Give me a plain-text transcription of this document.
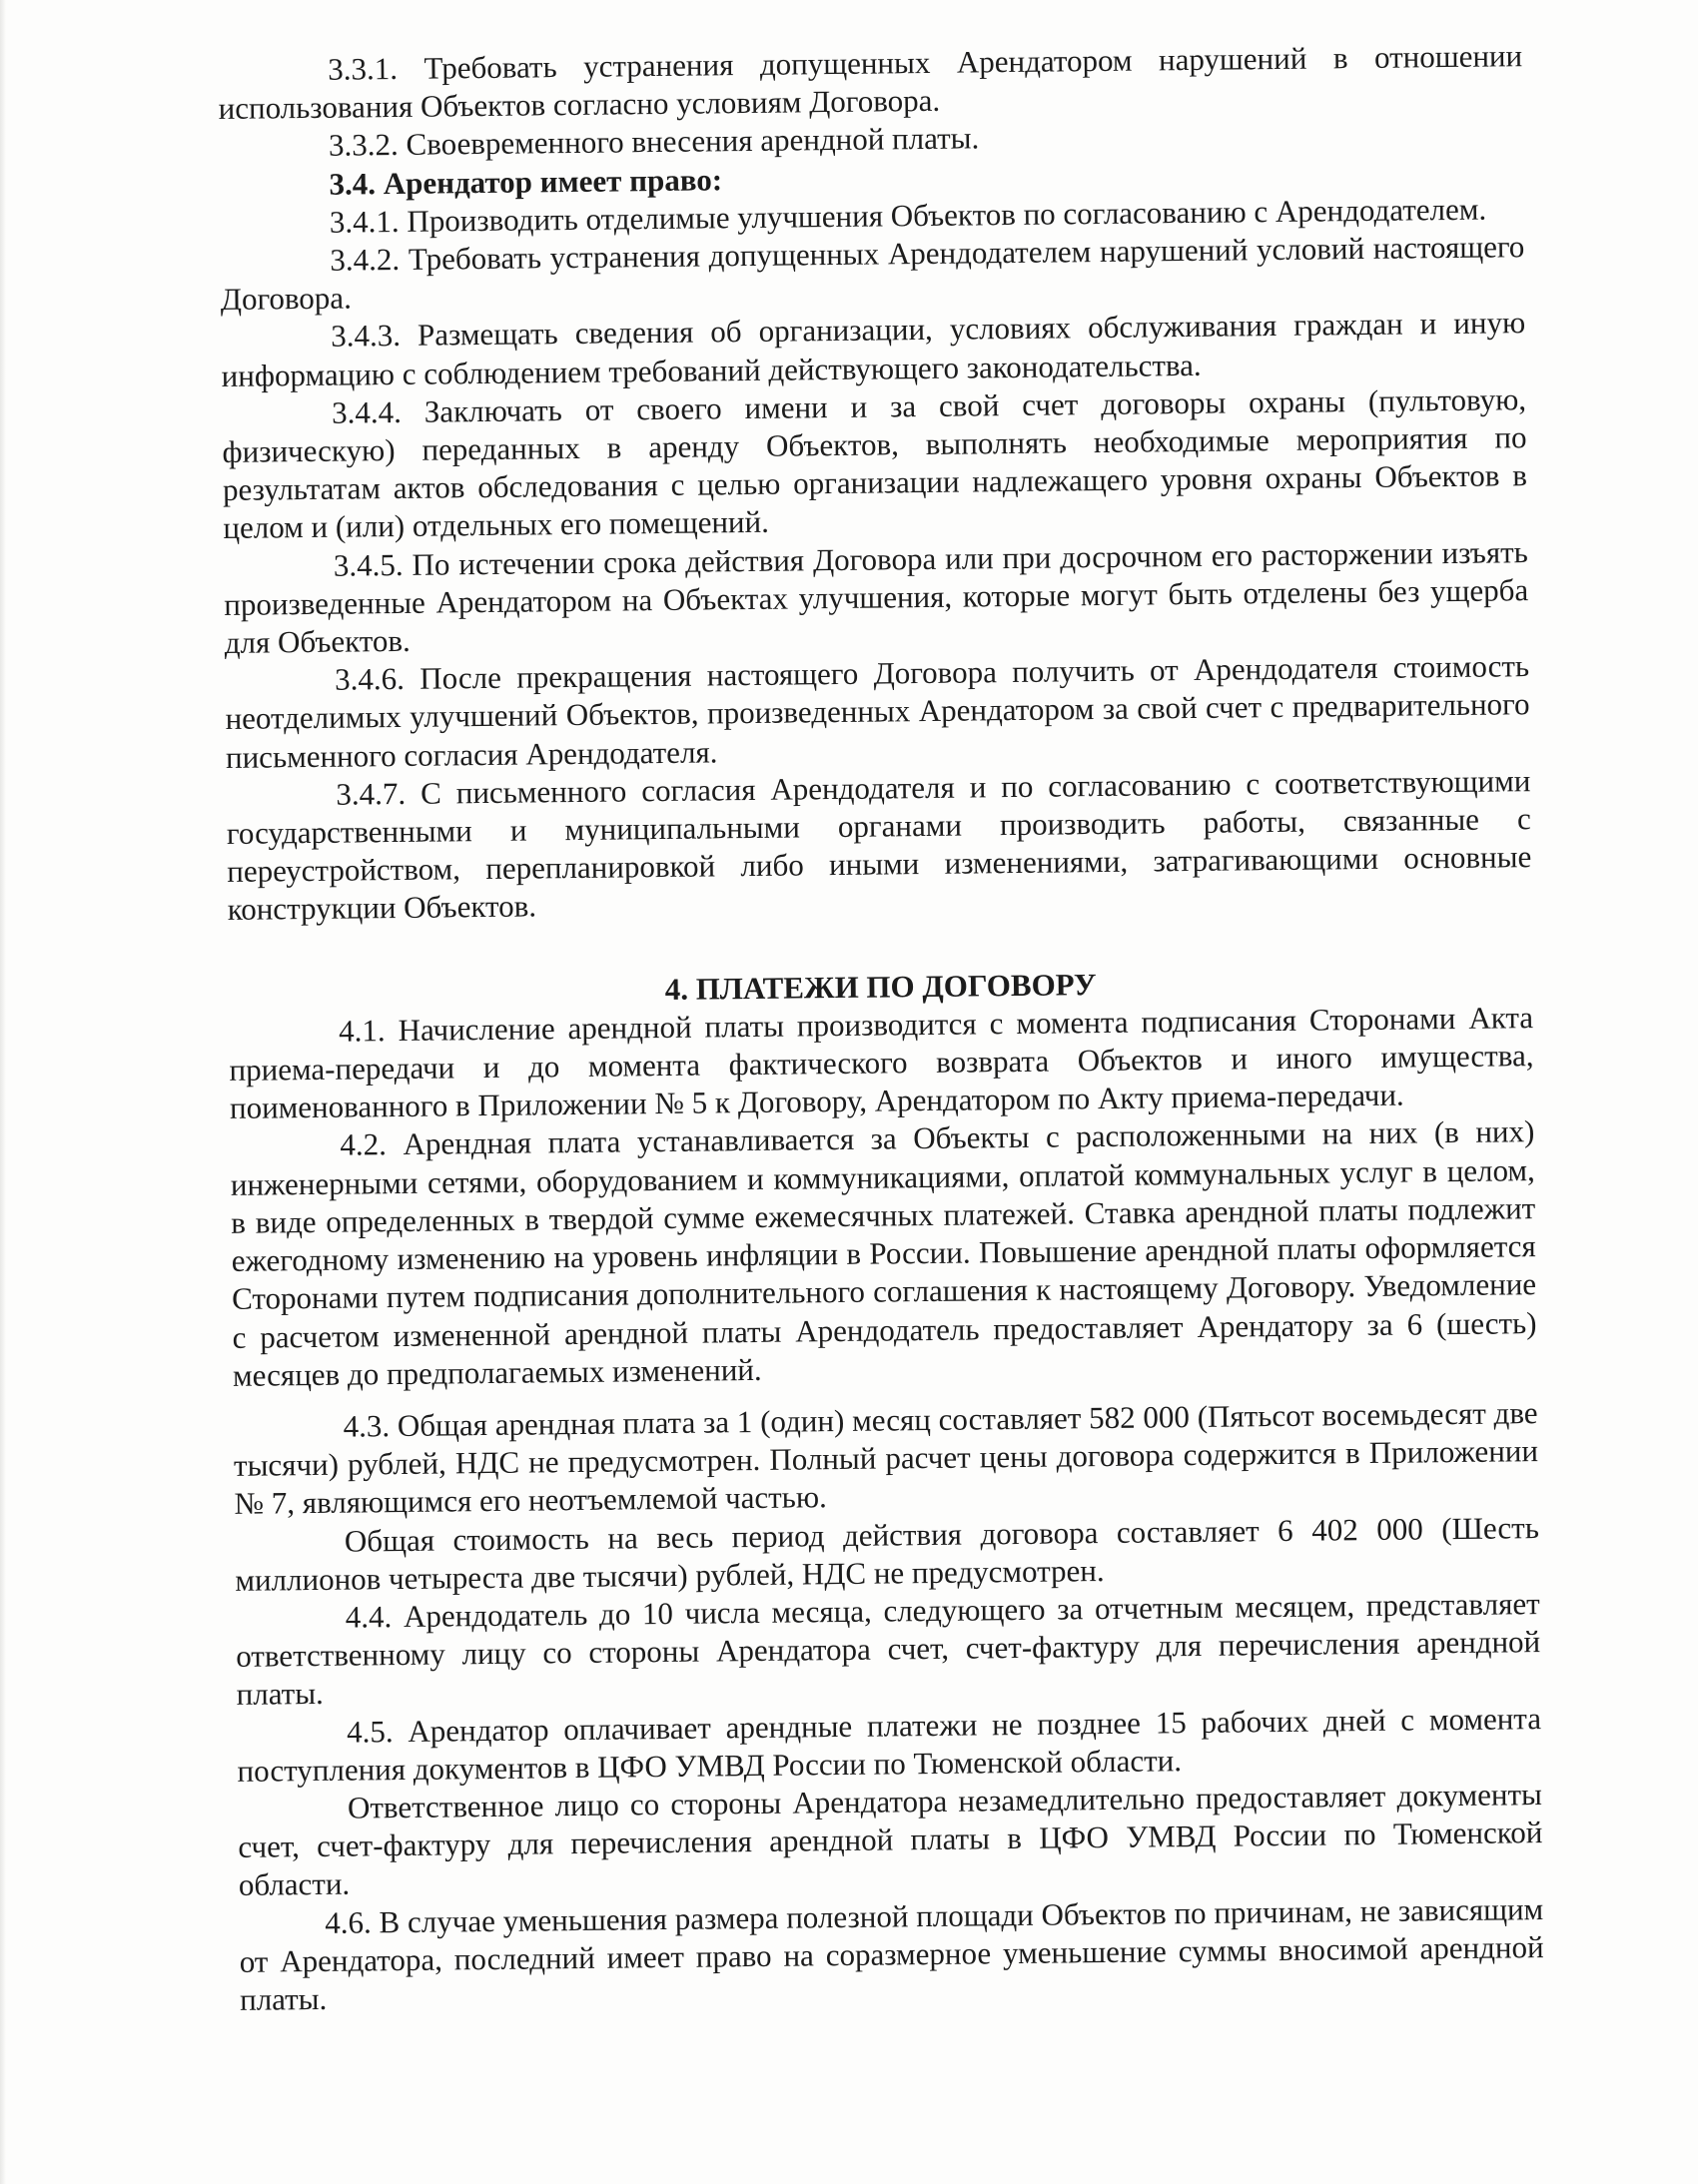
3.3.1. Требовать устранения допущенных Арендатором нарушений в отношении использования Объектов согласно условиям Договора.

3.3.2. Своевременного внесения арендной платы.

3.4. Арендатор имеет право:

3.4.1. Производить отделимые улучшения Объектов по согласованию с Арендодателем.

3.4.2. Требовать устранения допущенных Арендодателем нарушений условий настоящего Договора.

3.4.3. Размещать сведения об организации, условиях обслуживания граждан и иную информацию с соблюдением требований действующего законодательства.

3.4.4. Заключать от своего имени и за свой счет договоры охраны (пультовую, физическую) переданных в аренду Объектов, выполнять необходимые мероприятия по результатам актов обследования с целью организации надлежащего уровня охраны Объектов в целом и (или) отдельных его помещений.

3.4.5. По истечении срока действия Договора или при досрочном его расторжении изъять произведенные Арендатором на Объектах улучшения, которые могут быть отделены без ущерба для Объектов.

3.4.6. После прекращения настоящего Договора получить от Арендодателя стоимость неотделимых улучшений Объектов, произведенных Арендатором за свой счет с предварительного письменного согласия Арендодателя.

3.4.7. С письменного согласия Арендодателя и по согласованию с соответствующими государственными и муниципальными органами производить работы, связанные с переустройством, перепланировкой либо иными изменениями, затрагивающими основные конструкции Объектов.

4. ПЛАТЕЖИ ПО ДОГОВОРУ

4.1. Начисление арендной платы производится с момента подписания Сторонами Акта приема-передачи и до момента фактического возврата Объектов и иного имущества, поименованного в Приложении № 5 к Договору, Арендатором по Акту приема-передачи.

4.2. Арендная плата устанавливается за Объекты с расположенными на них (в них) инженерными сетями, оборудованием и коммуникациями, оплатой коммунальных услуг в целом, в виде определенных в твердой сумме ежемесячных платежей. Ставка арендной платы подлежит ежегодному изменению на уровень инфляции в России. Повышение арендной платы оформляется Сторонами путем подписания дополнительного соглашения к настоящему Договору. Уведомление с расчетом измененной арендной платы Арендодатель предоставляет Арендатору за 6 (шесть) месяцев до предполагаемых изменений.

4.3. Общая арендная плата за 1 (один) месяц составляет 582 000 (Пятьсот восемьдесят две тысячи) рублей, НДС не предусмотрен. Полный расчет цены договора содержится в Приложении № 7, являющимся его неотъемлемой частью.

Общая стоимость на весь период действия договора составляет 6 402 000 (Шесть миллионов четыреста две тысячи) рублей, НДС не предусмотрен.

4.4. Арендодатель до 10 числа месяца, следующего за отчетным месяцем, представляет ответственному лицу со стороны Арендатора счет, счет-фактуру для перечисления арендной платы.

4.5. Арендатор оплачивает арендные платежи не позднее 15 рабочих дней с момента поступления документов в ЦФО УМВД России по Тюменской области.

Ответственное лицо со стороны Арендатора незамедлительно предоставляет документы счет, счет-фактуру для перечисления арендной платы в ЦФО УМВД России по Тюменской области.

4.6. В случае уменьшения размера полезной площади Объектов по причинам, не зависящим от Арендатора, последний имеет право на соразмерное уменьшение суммы вносимой арендной платы.
